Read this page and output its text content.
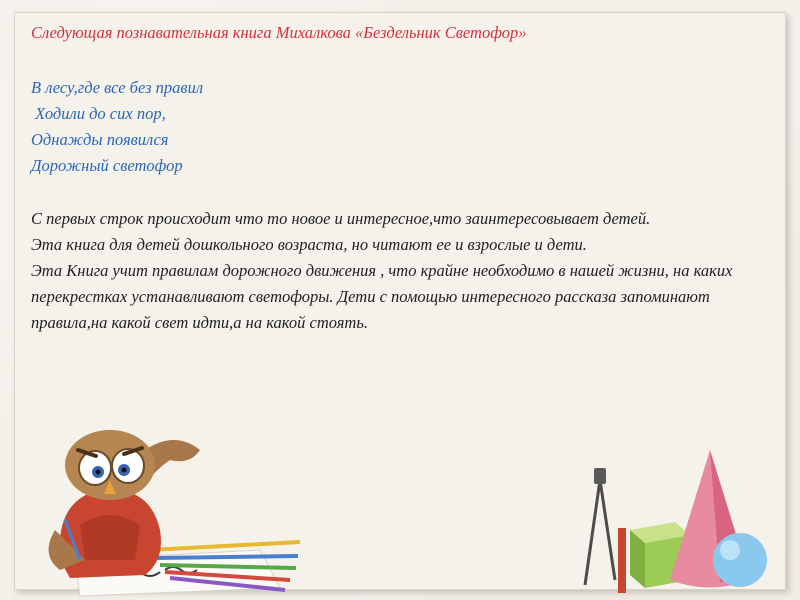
Следующая познавательная книга Михалкова «Бездельник Светофор»
В лесу,где все без правил
Ходили до сих пор,
Однажды появился
Дорожный светофор

С первых строк происходит что то новое и интересное,что заинтересовывает детей.

Эта книга для детей дошкольного возраста, но читают ее и взрослые и дети.

Эта Книга учит правилам дорожного движения , что крайне необходимо в нашей жизни, на каких перекрестках устанавливают светофоры. Дети с помощью интересного рассказа запоминают правила,на какой свет идти,а на какой стоять.
